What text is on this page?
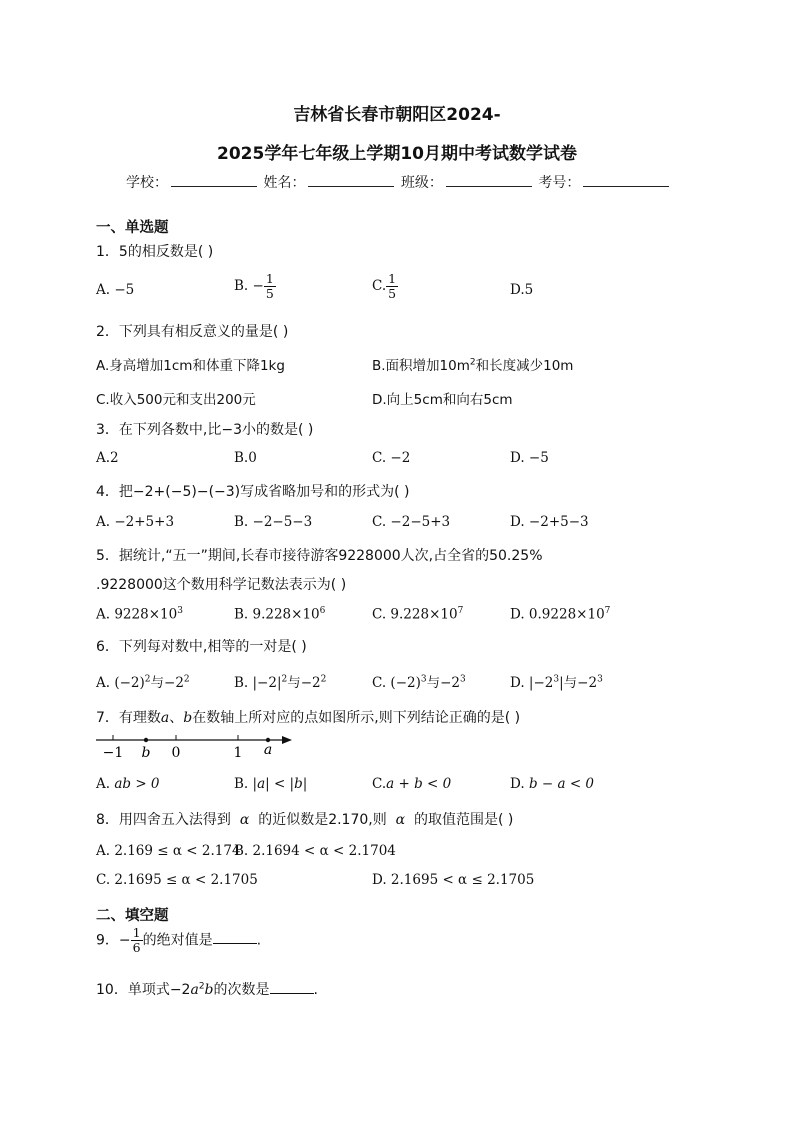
吉林省长春市朝阳区2024-
2025学年七年级上学期10月期中考试数学试卷
学校：	姓名：	班级：	考号：
一、单选题
1．5的相反数是( )
A. −5	B. − $\frac{1}{5}$	C. $\frac{1}{5}$	D.5
2．下列具有相反意义的量是( )
A.身高增加1cm和体重下降1kg	B.面积增加$10m^2$和长度减少10m
C.收入500元和支出200元	D.向上5cm和向右5cm
3．在下列各数中,比−3小的数是( )
A.2	B.0	C. −2	D. −5
4．把−2+(−5)−(−3)写成省略加号和的形式为( )
A. −2+5+3	B. −2−5−3	C. −2−5+3	D. −2+5−3
5．据统计,“五一”期间,长春市接待游客9228000人次,占全省的50.25%
.9228000这个数用科学记数法表示为( )
A. $9228\times 10^3$	B. $9.228\times 10^6$	C. $9.228\times 10^7$	D. $0.9228\times 10^7$
6．下列每对数中,相等的一对是( )
A. $(-2)^2$与$-2^2$	B. $|-2|^2$与$-2^2$	C. $(-2)^3$与$-2^3$	D. $|-2^3|$与$-2^3$
7．有理数a、b在数轴上所对应的点如图所示,则下列结论正确的是( )
−1 b 0	1 a
A. ab > 0	B. |a| < |b|	C.a + b < 0	D. b − a < 0
8．用四舍五入法得到 α 的近似数是2.170,则 α 的取值范围是( )
A. 2.169 ≤ α < 2.174
B. 2.1694 < α < 2.1704
C. 2.1695 ≤ α < 2.1705	D. 2.1695 < α ≤ 2.1705
二、填空题
9．− $\frac{1}{6}$ 的绝对值是	.
10．单项式$-2a^2b$的次数是	.
